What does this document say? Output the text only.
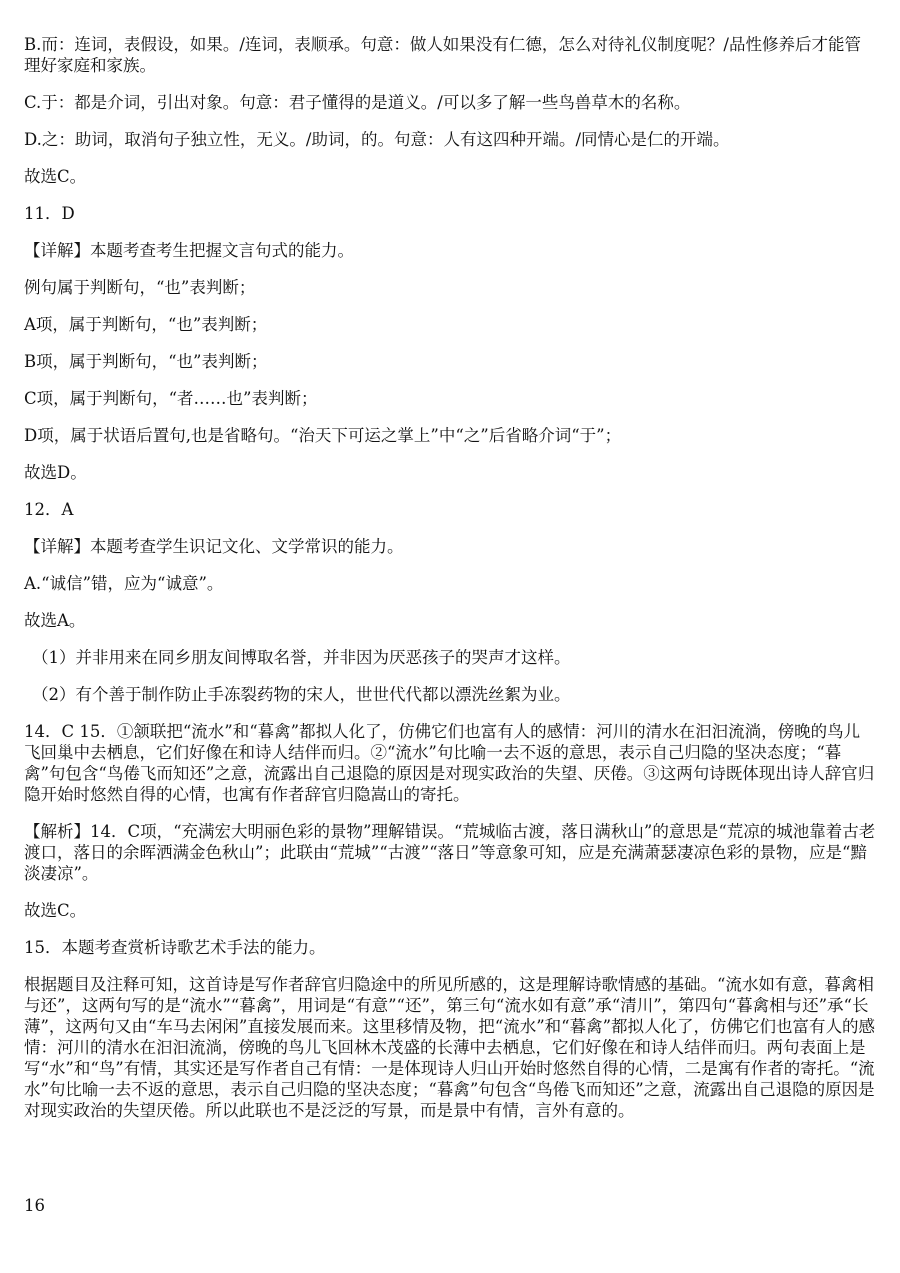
B.而：连词，表假设，如果。/连词，表顺承。句意：做人如果没有仁德，怎么对待礼仪制度呢？/品性修养后才能管理好家庭和家族。

C.于：都是介词，引出对象。句意：君子懂得的是道义。/可以多了解一些鸟兽草木的名称。

D.之：助词，取消句子独立性，无义。/助词，的。句意：人有这四种开端。/同情心是仁的开端。

故选C。

11．D

【详解】本题考查考生把握文言句式的能力。

例句属于判断句，“也”表判断；

A项，属于判断句，“也”表判断；

B项，属于判断句，“也”表判断；

C项，属于判断句，“者……也”表判断；

D项，属于状语后置句,也是省略句。“治天下可运之掌上”中“之”后省略介词“于”；

故选D。

12．A

【详解】本题考查学生识记文化、文学常识的能力。

A.“诚信”错，应为“诚意”。

故选A。

（1）并非用来在同乡朋友间博取名誉，并非因为厌恶孩子的哭声才这样。

（2）有个善于制作防止手冻裂药物的宋人，世世代代都以漂洗丝絮为业。

14．C 15．①颔联把“流水”和“暮禽”都拟人化了，仿佛它们也富有人的感情：河川的清水在汩汩流淌，傍晚的鸟儿飞回巢中去栖息，它们好像在和诗人结伴而归。②“流水”句比喻一去不返的意思，表示自己归隐的坚决态度；“暮禽”句包含“鸟倦飞而知还”之意，流露出自己退隐的原因是对现实政治的失望、厌倦。③这两句诗既体现出诗人辞官归隐开始时悠然自得的心情，也寓有作者辞官归隐嵩山的寄托。

【解析】14．C项，“充满宏大明丽色彩的景物”理解错误。“荒城临古渡，落日满秋山”的意思是“荒凉的城池靠着古老渡口，落日的余晖洒满金色秋山”；此联由“荒城”“古渡”“落日”等意象可知，应是充满萧瑟凄凉色彩的景物，应是“黯淡凄凉”。

故选C。

15．本题考查赏析诗歌艺术手法的能力。

根据题目及注释可知，这首诗是写作者辞官归隐途中的所见所感的，这是理解诗歌情感的基础。“流水如有意，暮禽相与还”，这两句写的是“流水”“暮禽”，用词是“有意”“还”，第三句“流水如有意”承“清川”，第四句“暮禽相与还”承“长薄”，这两句又由“车马去闲闲”直接发展而来。这里移情及物，把“流水”和“暮禽”都拟人化了，仿佛它们也富有人的感情：河川的清水在汩汩流淌，傍晚的鸟儿飞回林木茂盛的长薄中去栖息，它们好像在和诗人结伴而归。两句表面上是写“水”和“鸟”有情，其实还是写作者自己有情：一是体现诗人归山开始时悠然自得的心情，二是寓有作者的寄托。“流水”句比喻一去不返的意思，表示自己归隐的坚决态度；“暮禽”句包含“鸟倦飞而知还”之意，流露出自己退隐的原因是对现实政治的失望厌倦。所以此联也不是泛泛的写景，而是景中有情，言外有意的。

16
